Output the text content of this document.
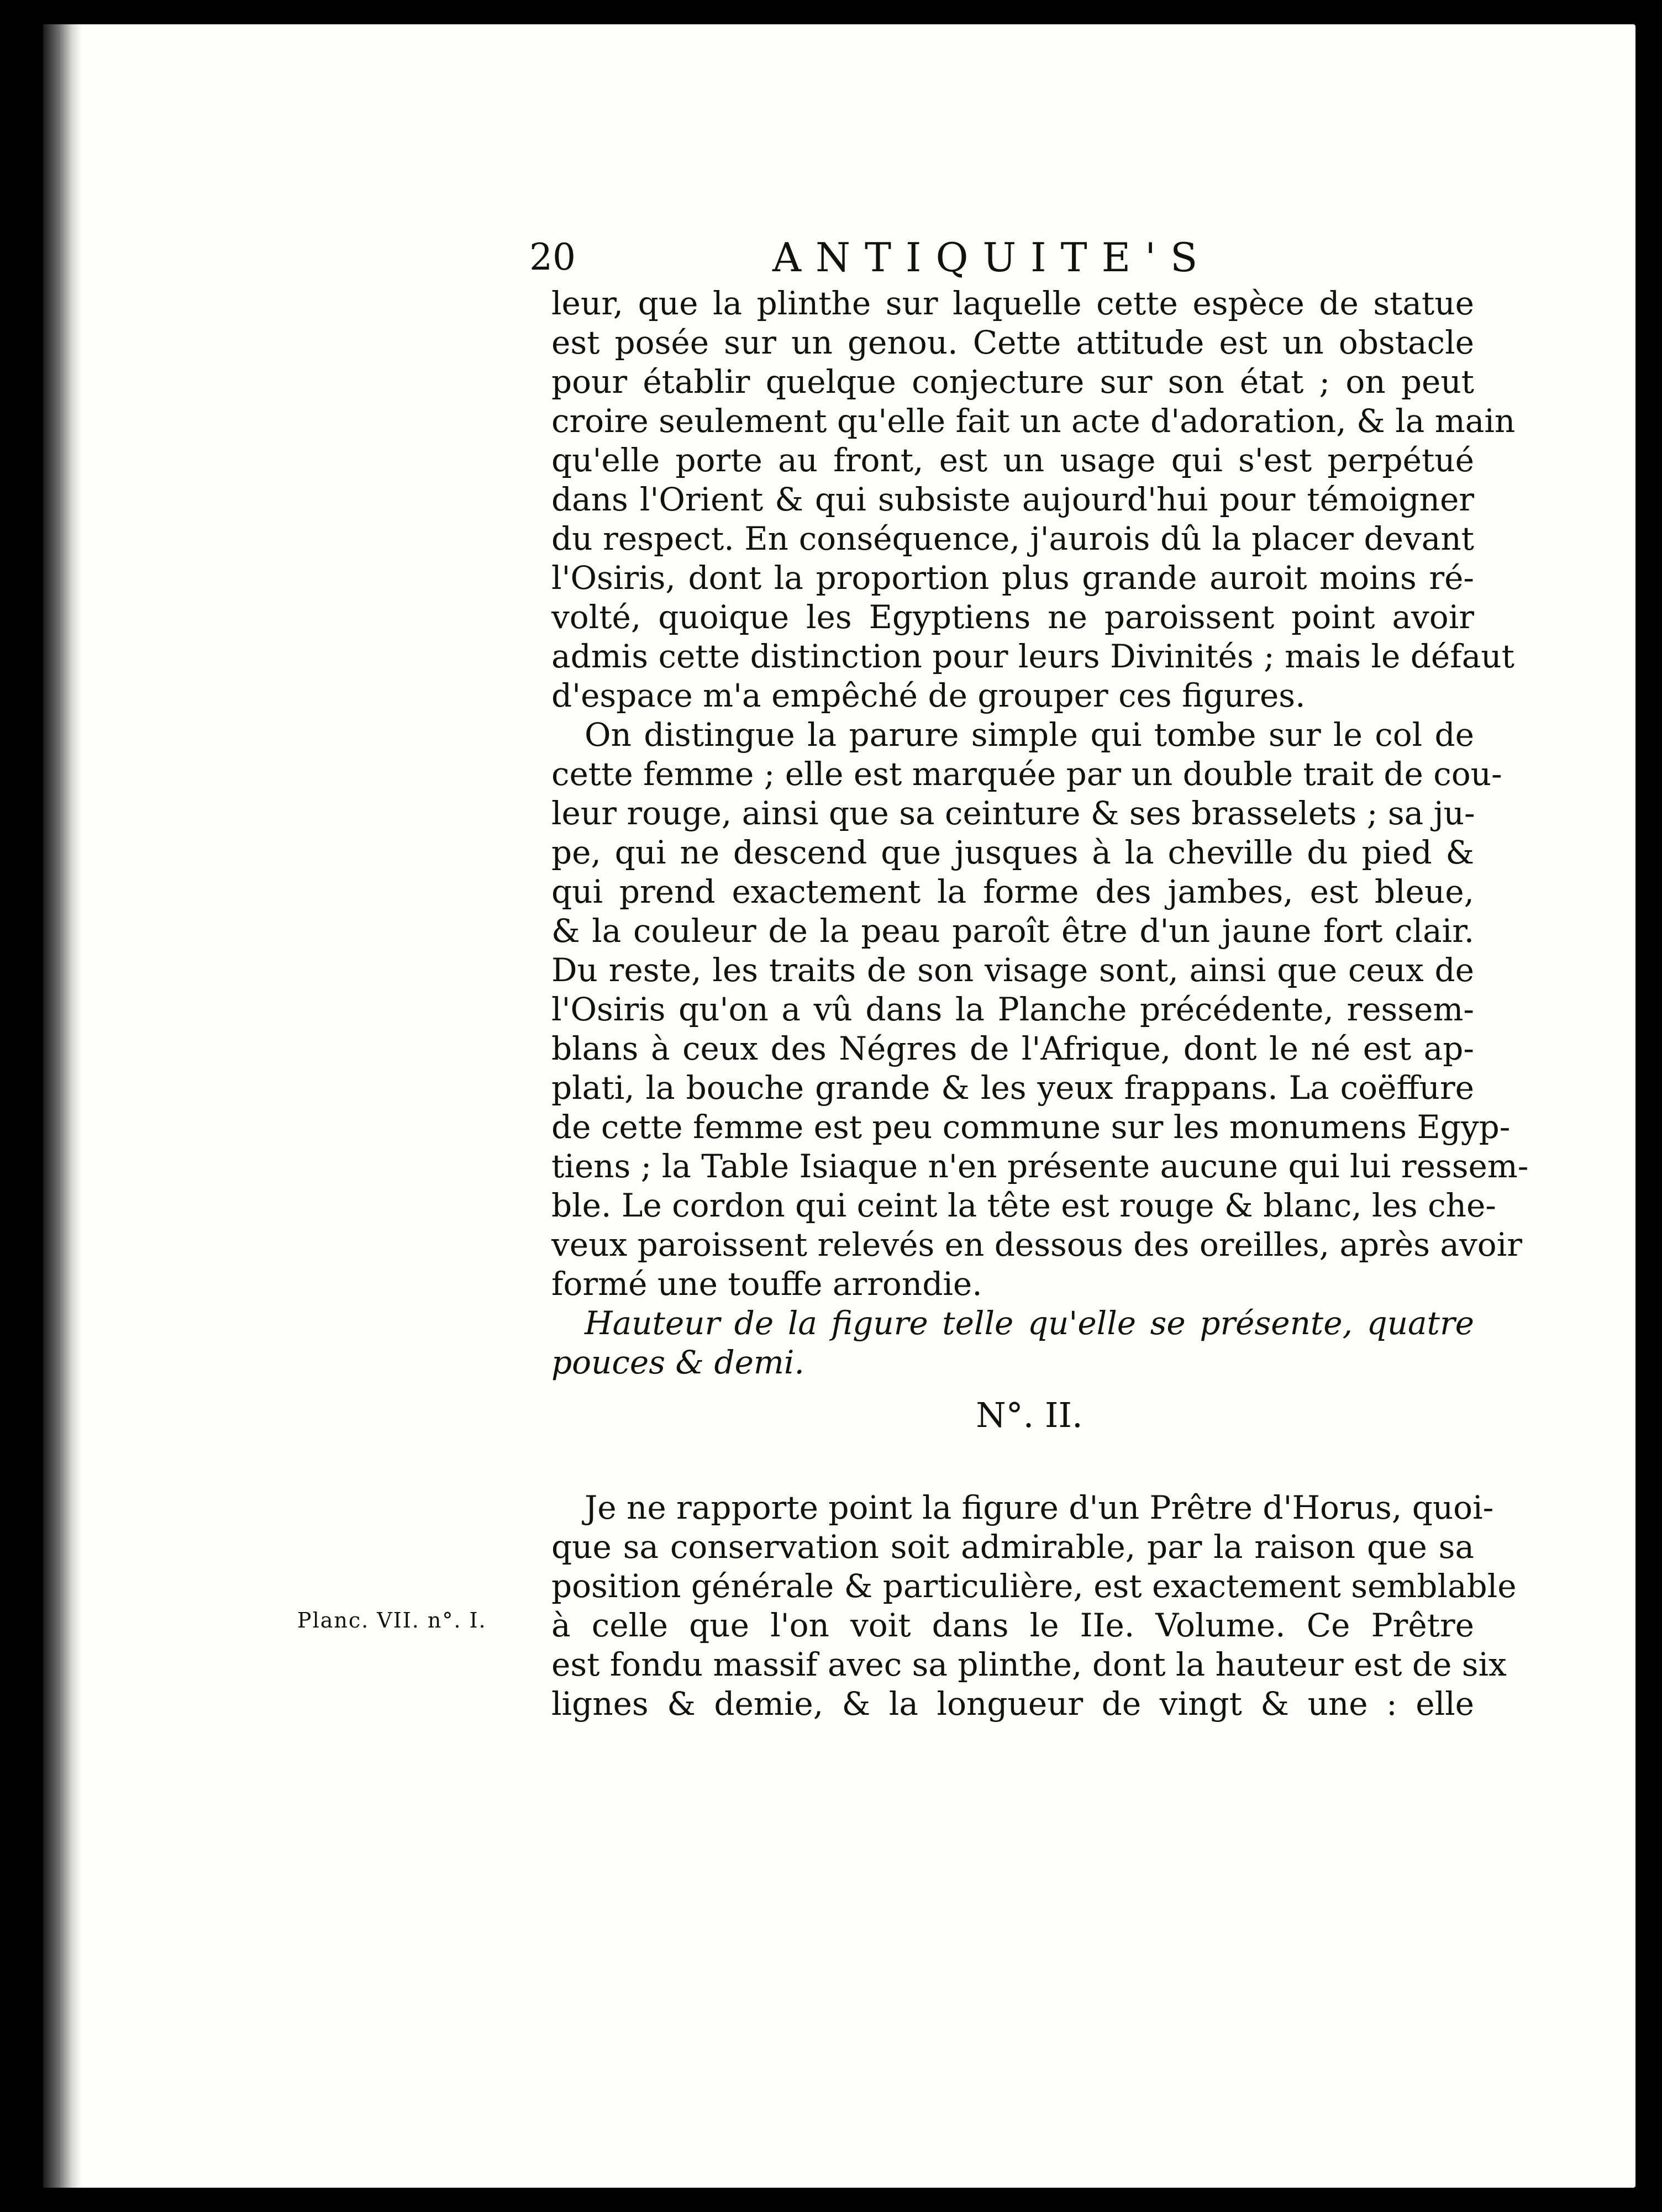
20	ANTIQUITE'S
leur, que la plinthe sur laquelle cette espèce de statue
est posée sur un genou. Cette attitude est un obstacle
pour établir quelque conjecture sur son état ; on peut
croire seulement qu'elle fait un acte d'adoration, & la main
qu'elle porte au front, est un usage qui s'est perpétué
dans l'Orient & qui subsiste aujourd'hui pour témoigner
du respect. En conséquence, j'aurois dû la placer devant
l'Osiris, dont la proportion plus grande auroit moins ré-
volté, quoique les Egyptiens ne paroissent point avoir
admis cette distinction pour leurs Divinités ; mais le défaut
d'espace m'a empêché de grouper ces figures.
On distingue la parure simple qui tombe sur le col de
cette femme ; elle est marquée par un double trait de cou-
leur rouge, ainsi que sa ceinture & ses brasselets ; sa ju-
pe, qui ne descend que jusques à la cheville du pied &
qui prend exactement la forme des jambes, est bleue,
& la couleur de la peau paroît être d'un jaune fort clair.
Du reste, les traits de son visage sont, ainsi que ceux de
l'Osiris qu'on a vû dans la Planche précédente, ressem-
blans à ceux des Négres de l'Afrique, dont le né est ap-
plati, la bouche grande & les yeux frappans. La coëffure
de cette femme est peu commune sur les monumens Egyp-
tiens ; la Table Isiaque n'en présente aucune qui lui ressem-
ble. Le cordon qui ceint la tête est rouge & blanc, les che-
veux paroissent relevés en dessous des oreilles, après avoir
formé une touffe arrondie.
Hauteur de la figure telle qu'elle se présente, quatre
pouces & demi.
N°. II.
Je ne rapporte point la figure d'un Prêtre d'Horus, quoi-
que sa conservation soit admirable, par la raison que sa
position générale & particulière, est exactement semblable
à celle que l'on voit dans le IIe. Volume. Ce Prêtre
est fondu massif avec sa plinthe, dont la hauteur est de six
lignes & demie, & la longueur de vingt & une : elle
Planc. VII. n°. I.
